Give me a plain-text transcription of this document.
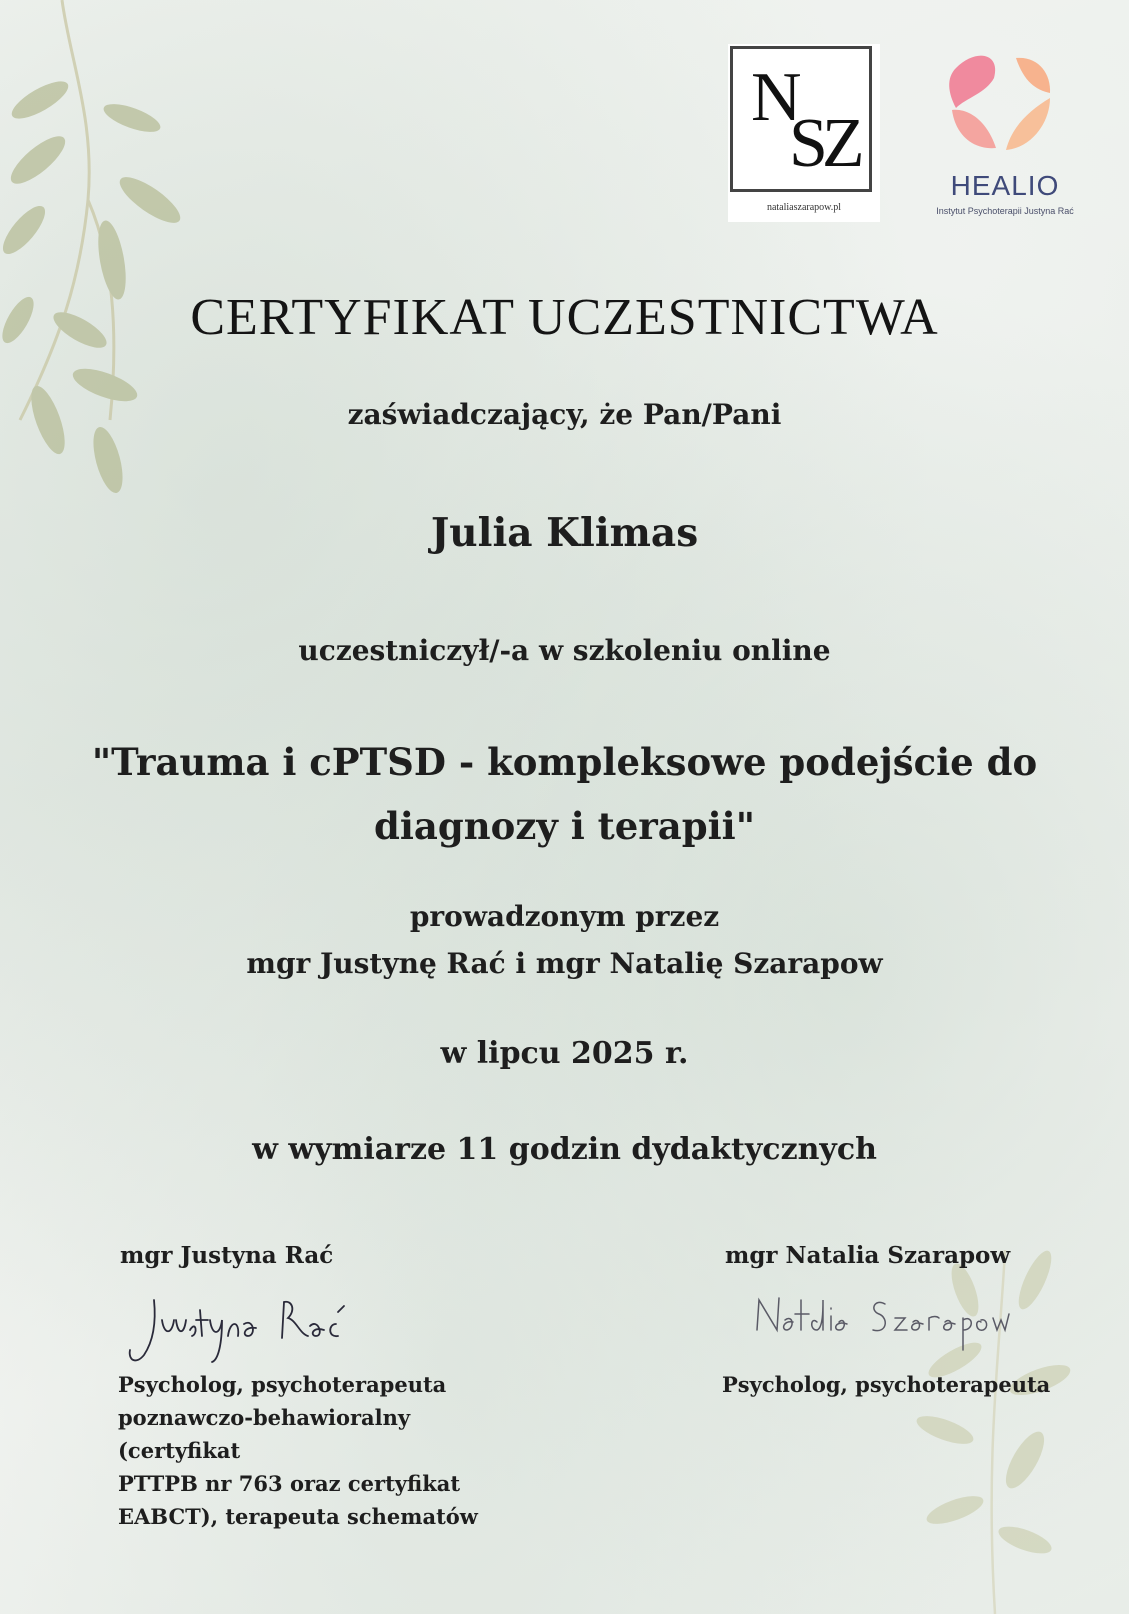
N
SZ
nataliaszarapow.pl
HEALIO
Instytut Psychoterapii Justyna Rać
CERTYFIKAT UCZESTNICTWA
zaświadczający, że Pan/Pani
Julia Klimas
uczestniczył/-a w szkoleniu online
"Trauma i cPTSD - kompleksowe podejście do
diagnozy i terapii"
prowadzonym przez
mgr Justynę Rać i mgr Natalię Szarapow
w lipcu 2025 r.
w wymiarze 11 godzin dydaktycznych
mgr Justyna Rać	mgr Natalia Szarapow
Psycholog, psychoterapeuta
poznawczo-behawioralny (certyfikat
PTTPB nr 763 oraz certyfikat
EABCT), terapeuta schematów
Psycholog, psychoterapeuta
